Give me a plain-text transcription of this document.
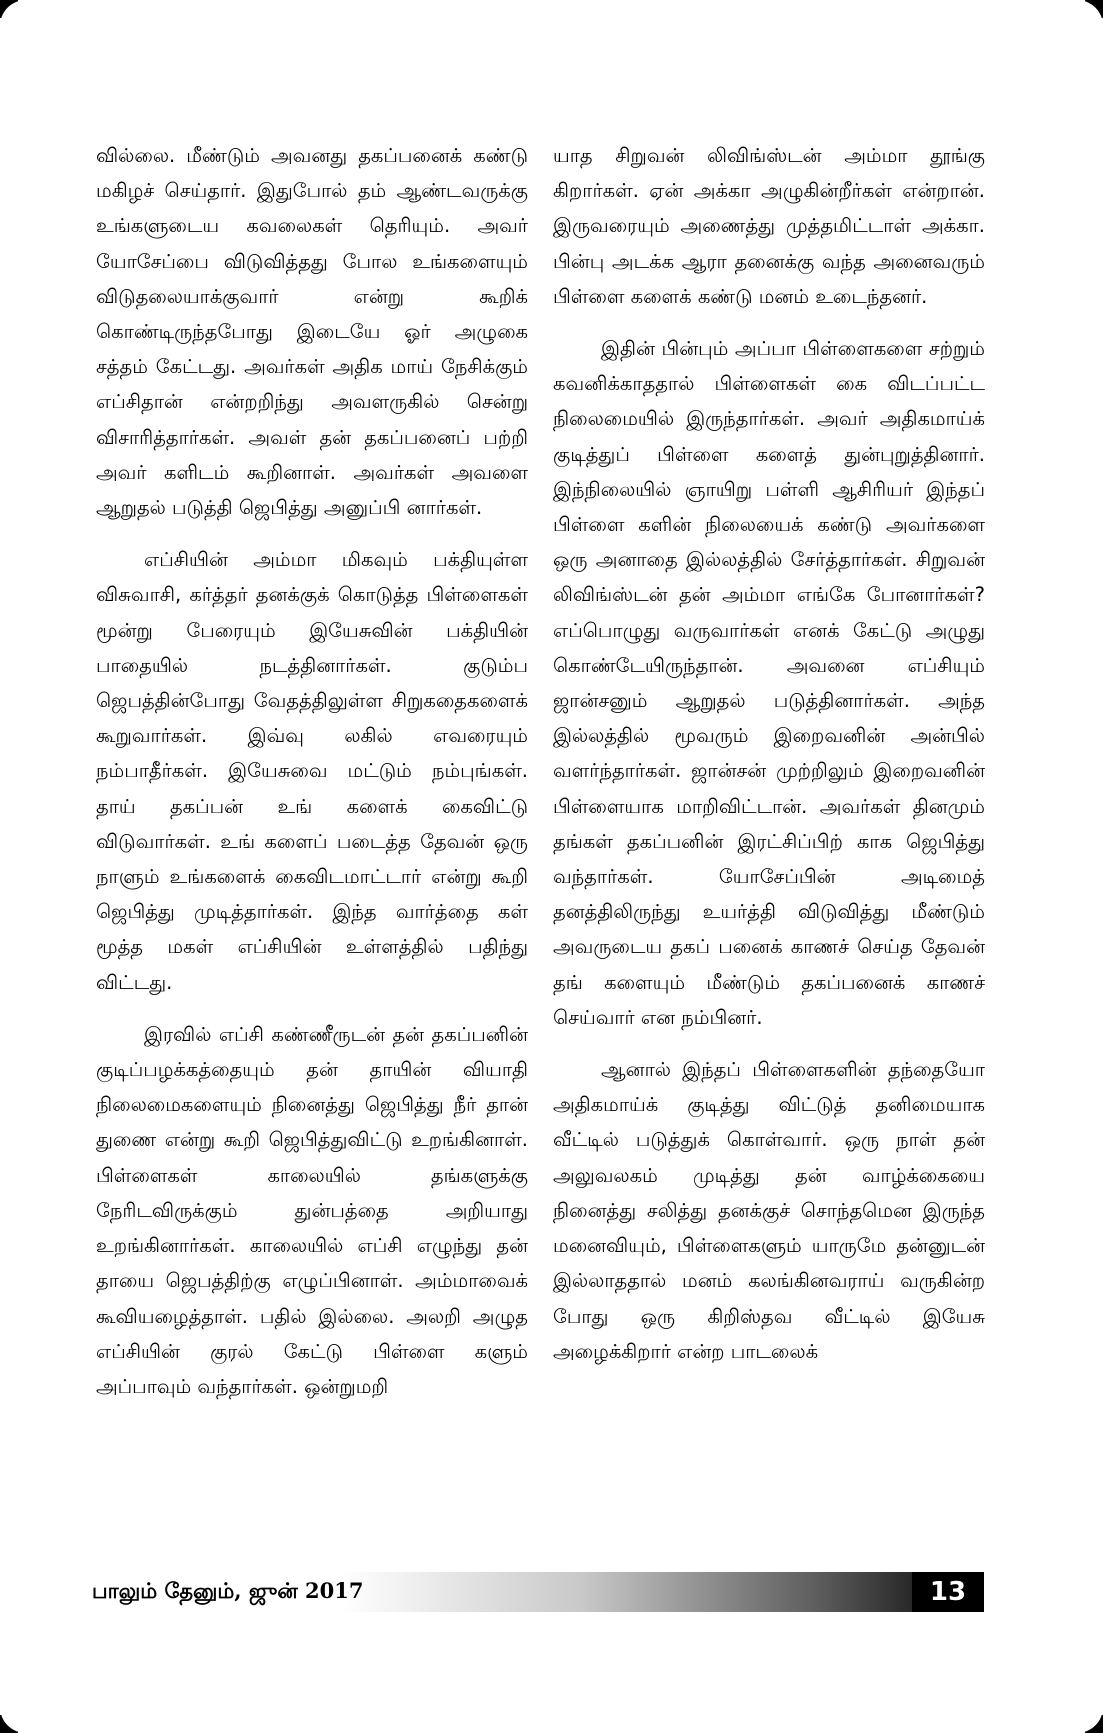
வில்லை. மீண்டும் அவனது தகப்பனைக் கண்டு மகிழச் செய்தார். இதுபோல் தம் ஆண்டவருக்கு உங்களுடைய கவலைகள் தெரியும். அவர் யோசேப்பை விடுவித்தது போல உங்களையும் விடுதலையாக்குவார் என்று கூறிக் கொண்டிருந்தபோது இடையே ஓர் அழுகை சத்தம் கேட்டது. அவர்கள் அதிக மாய் நேசிக்கும் எப்சிதான் என்றறிந்து அவளருகில் சென்று விசாரித்தார்கள். அவள் தன் தகப்பனைப் பற்றி அவர் களிடம் கூறினாள். அவர்கள் அவளை ஆறுதல் படுத்தி ஜெபித்து அனுப்பி னார்கள்.

எப்சியின் அம்மா மிகவும் பக்தியுள்ள விசுவாசி, கர்த்தர் தனக்குக் கொடுத்த பிள்ளைகள் மூன்று பேரையும் இயேசுவின் பக்தியின் பாதையில் நடத்தினார்கள். குடும்ப ஜெபத்தின்போது வேதத்திலுள்ள சிறுகதைகளைக் கூறுவார்கள். இவ்வு லகில் எவரையும் நம்பாதீர்கள். இயேசுவை மட்டும் நம்புங்கள். தாய் தகப்பன் உங் களைக் கைவிட்டு விடுவார்கள். உங் களைப் படைத்த தேவன் ஒரு நாளும் உங்களைக் கைவிடமாட்டார் என்று கூறி ஜெபித்து முடித்தார்கள். இந்த வார்த்தை கள் மூத்த மகள் எப்சியின் உள்ளத்தில் பதிந்து விட்டது.

இரவில் எப்சி கண்ணீருடன் தன் தகப்பனின் குடிப்பழக்கத்தையும் தன் தாயின் வியாதி நிலைமைகளையும் நினைத்து ஜெபித்து நீர் தான் துணை என்று கூறி ஜெபித்துவிட்டு உறங்கினாள். பிள்ளைகள் காலையில் தங்களுக்கு நேரிடவிருக்கும் துன்பத்தை அறியாது உறங்கினார்கள். காலையில் எப்சி எழுந்து தன் தாயை ஜெபத்திற்கு எழுப்பினாள். அம்மாவைக் கூவியழைத்தாள். பதில் இல்லை. அலறி அழுத எப்சியின் குரல் கேட்டு பிள்ளை களும் அப்பாவும் வந்தார்கள். ஒன்றுமறி

யாத சிறுவன் லிவிங்ஸ்டன் அம்மா தூங்கு கிறார்கள். ஏன் அக்கா அழுகின்றீர்கள் என்றான். இருவரையும் அணைத்து முத்தமிட்டாள் அக்கா. பின்பு அடக்க ஆரா தனைக்கு வந்த அனைவரும் பிள்ளை களைக் கண்டு மனம் உடைந்தனர்.

இதின் பின்பும் அப்பா பிள்ளைகளை சற்றும் கவனிக்காததால் பிள்ளைகள் கை விடப்பட்ட நிலைமையில் இருந்தார்கள். அவர் அதிகமாய்க் குடித்துப் பிள்ளை களைத் துன்புறுத்தினார். இந்நிலையில் ஞாயிறு பள்ளி ஆசிரியர் இந்தப் பிள்ளை களின் நிலையைக் கண்டு அவர்களை ஒரு அனாதை இல்லத்தில் சேர்த்தார்கள். சிறுவன் லிவிங்ஸ்டன் தன் அம்மா எங்கே போனார்கள்? எப்பொழுது வருவார்கள் எனக் கேட்டு அழுது கொண்டேயிருந்தான். அவனை எப்சியும் ஜான்சனும் ஆறுதல் படுத்தினார்கள். அந்த இல்லத்தில் மூவரும் இறைவனின் அன்பில் வளர்ந்தார்கள். ஜான்சன் முற்றிலும் இறைவனின் பிள்ளையாக மாறிவிட்டான். அவர்கள் தினமும் தங்கள் தகப்பனின் இரட்சிப்பிற் காக ஜெபித்து வந்தார்கள். யோசேப்பின் அடிமைத் தனத்திலிருந்து உயர்த்தி விடுவித்து மீண்டும் அவருடைய தகப் பனைக் காணச் செய்த தேவன் தங் களையும் மீண்டும் தகப்பனைக் காணச் செய்வார் என நம்பினர்.

ஆனால் இந்தப் பிள்ளைகளின் தந்தையோ அதிகமாய்க் குடித்து விட்டுத் தனிமையாக வீட்டில் படுத்துக் கொள்வார். ஒரு நாள் தன் அலுவலகம் முடித்து தன் வாழ்க்கையை நினைத்து சலித்து தனக்குச் சொந்தமென இருந்த மனைவியும், பிள்ளைகளும் யாருமே தன்னுடன் இல்லாததால் மனம் கலங்கினவராய் வருகின்ற போது ஒரு கிறிஸ்தவ வீட்டில் இயேசு அழைக்கிறார் என்ற பாடலைக்

பாலும் தேனும், ஜுன் 2017	13
